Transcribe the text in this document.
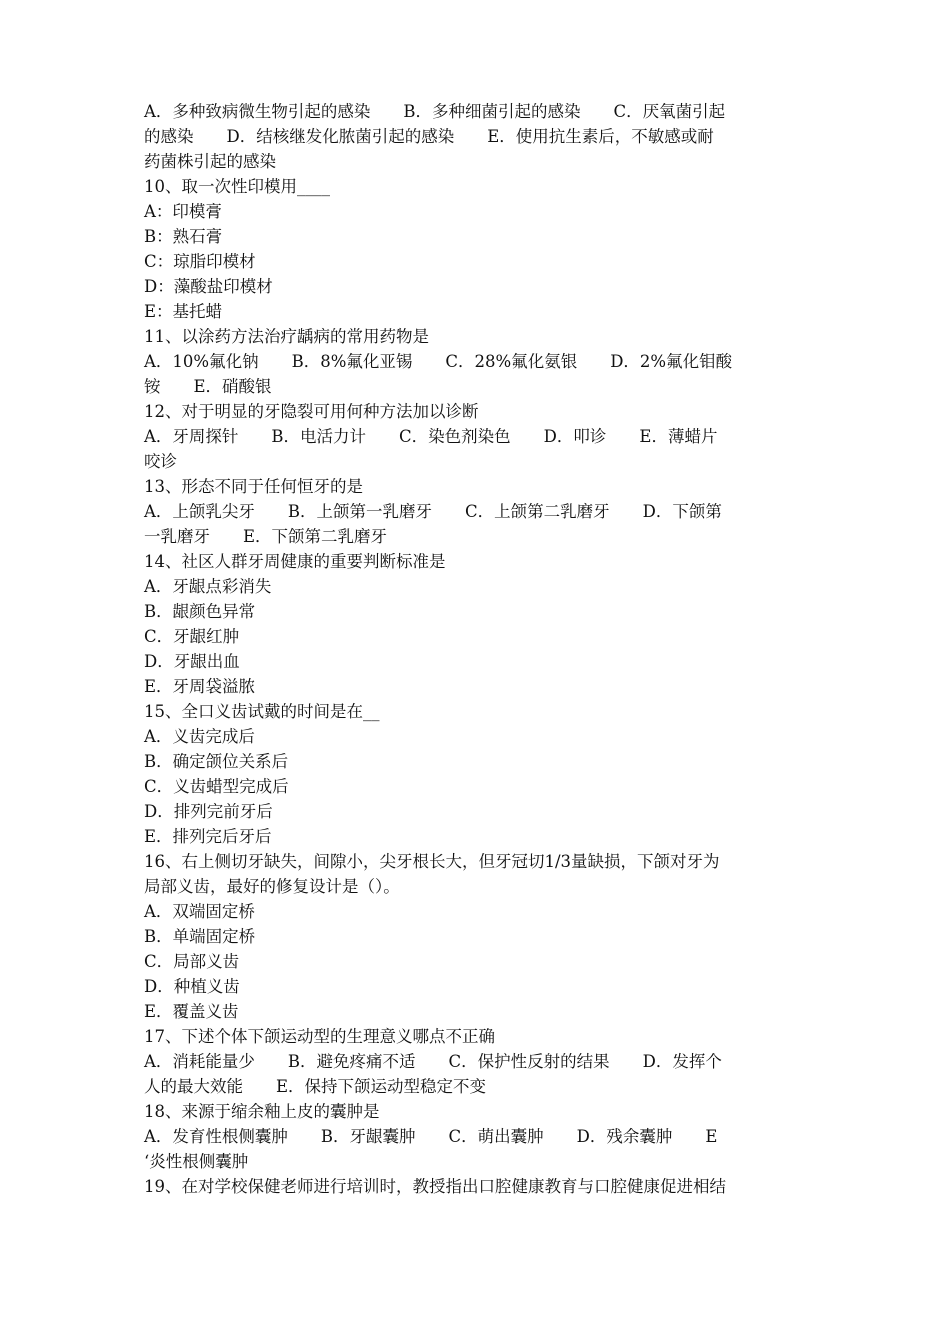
A．多种致病微生物引起的感染　　B．多种细菌引起的感染　　C．厌氧菌引起
的感染　　D．结核继发化脓菌引起的感染　　E．使用抗生素后，不敏感或耐
药菌株引起的感染
10、取一次性印模用____
A：印模膏
B：熟石膏
C：琼脂印模材
D：藻酸盐印模材
E：基托蜡
11、以涂药方法治疗龋病的常用药物是
A．10%氟化钠　　B．8%氟化亚锡　　C．28%氟化氨银　　D．2%氟化钼酸
铵　　E．硝酸银
12、对于明显的牙隐裂可用何种方法加以诊断
A．牙周探针　　B．电活力计　　C．染色剂染色　　D．叩诊　　E．薄蜡片
咬诊
13、形态不同于任何恒牙的是
A．上颌乳尖牙　　B．上颌第一乳磨牙　　C．上颌第二乳磨牙　　D．下颌第
一乳磨牙　　E．下颌第二乳磨牙
14、社区人群牙周健康的重要判断标准是
A．牙龈点彩消失
B．龈颜色异常
C．牙龈红肿
D．牙龈出血
E．牙周袋溢脓
15、全口义齿试戴的时间是在__
A．义齿完成后
B．确定颌位关系后
C．义齿蜡型完成后
D．排列完前牙后
E．排列完后牙后
16、右上侧切牙缺失，间隙小，尖牙根长大，但牙冠切1/3量缺损，下颌对牙为
局部义齿，最好的修复设计是（）。
A．双端固定桥
B．单端固定桥
C．局部义齿
D．种植义齿
E．覆盖义齿
17、下述个体下颌运动型的生理意义哪点不正确
A．消耗能量少　　B．避免疼痛不适　　C．保护性反射的结果　　D．发挥个
人的最大效能　　E．保持下颌运动型稳定不变
18、来源于缩余釉上皮的囊肿是
A．发育性根侧囊肿　　B．牙龈囊肿　　C．萌出囊肿　　D．残余囊肿　　E
‘炎性根侧囊肿
19、在对学校保健老师进行培训时，教授指出口腔健康教育与口腔健康促进相结
